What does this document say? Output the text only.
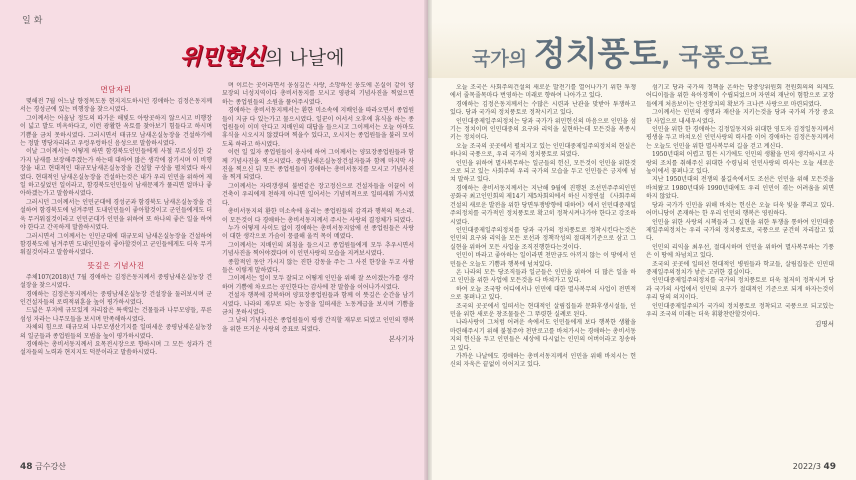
일화
위민헌신의 나날에

면담자리

몇해전 7월 어느날 향정목도동 현지지도하시던 경애하는 김정은동지께서는 경성군에 있는 비행장을 찾으시였다.

그이께서는 어울남 정도의 따가운 해빛도 아랑곳하지 않으시고 비행장이 넓고 발도 비옥하다고, 이런 광활한 옥토를 찾아보기 힘들다고 하시며 기쁨을 금치 못하시였다. 그러시면서 태규모 남새온실농장을 건설하기에는 정말 명당자리라고 우렁우렁하신 음성으로 말씀하시였다.

이날 그이께서는 어떻게 하면 함경북도인민들에게 사철 푸르싱싱한 갖가지 남새를 보장해주겠는가 하는데 대하여 많은 생각에 잠기시며 이 비행장을 내고 현대적인 대규모남새온실농장을 건설할 구상을 펼치였다 하시였다. 현대적인 남새온실농장을 건설하는것은 내가 우리 인민을 위하여 제일 하고싶었던 일이라고, 함경북도인민들이 남새문제가 풀리면 얼마나 좋아하겠는가고 말씀하시였다.

그러시던 그이께서는 인민군대에 경성군과 함경북도 남새온실농장을 건설하여 함경북도에 넘겨주면 도내인민들이 좋아할것이고 군인들에게도 더욱 무커워질것이라고 인민군대가 인민을 위하여 또 하나의 좋은 일을 하여야 한다고 간곡하게 말씀하시였다.

그러시면서 그이께서는 인민군대에 대규모의 남새온실농장을 건설하여 함경북도에 넘겨주면 도내인민들이 좋아할것이고 군인들에게도 더욱 무커워질것이라고 말씀하시였다.

뜻깊은 기념사진

주체107(2018)년 7월 경애하는 김정은동지께서 중평남새온실농장 건설장을 찾으시였다.

경애하는 김정은동지께서는 중평남새온실농장 건설장을 둘러보시며 군인건설자들의 로력적위훈을 높이 평가하시였다.

드넓은 부지에 규모있게 자리잡은 특색있는 건물들과 나무모양들, 푸른섬성 자라는 나무모들을 보시며 만족해하시였다.

자체의 힘으로 태규모의 나무모생산기지를 일떠세운 중평남새온실농장의 일군들과 종업원들의 모범을 높이 평가하시였다.

경애하는 총비서동지께서 요목전시장으로 향하시며 그 모든 성과가 건설자들의 노력과 현지지도 덕분이라고 말씀하시였다.

며 이르는 곳이라면서 웅심깊은 사랑, 소망하신 웅도에 온실이 같이 양묘장의 너성지역이다 총비서동지를 모시고 영광의 기념사진을 찍었으면 하는 종업원들의 소원을 풀어주시였다.

경애하는 총비서동지께서는 환한 미소속에 지배인을 따라오면서 종업원들이 지금 다 있는가고 물으시였다. 일꾼이 어서서 오후에 휴식을 하는 종업원들이 이미 안다고 지배인의 대답을 들으시고 그이께서는 오늘 아마도 휴식을 시오시지 않겠다며 찍을수 있다고, 오시지는 종업원들을 불러 모이도록 하라고 하시였다.

이런 일 있자 종업원들이 웅사에 하여 그이께서는 양묘장종업원들과 함께 기념사진을 찍으시였다. 중평남새온실농장건설자들과 함께 마지막 사진을 찍으신 뒤 모든 종업원들이 경애하는 총비서동지를 모시고 기념사진을 찍게 되였다.

그이께서는 자력갱생의 불변같은 장고정신으로 건설자들을 이끌어 이 건축이 우리에게 천하게 아니면 일어서는 기념비적으로 일떠세워 가시였다.

총비서동지의 환한 미소속에 울리는 종업원들의 감격과 행복의 목소리. 이 모든것이 다 경애하는 총비서동지께서 주시는 사랑의 결정체가 되였다.

누가 어떻게 사이도 없이 경애하는 총비서동지앞에 선 종업원들은 사랑이 대한 생각으로 가슴이 뭉클해 울컥 목이 메였다.

그이께서는 지배인의 외침을 들으시고 종업원들에게 모두 추우시면서 기념사진을 찍어야겠다며 이 인민사랑의 모습을 지켜보시였다.

종합적인 동안 가시지 않는 진한 감동을 주는 그 사진 한장을 두고 사람들은 이렇게 말하였다.

그이께서는 일이 모두 잘되고 어떻게 인민을 위해 잘 쓰이겠는가를 생각하며 기쁨에 차오르는 공인한다는 감사에 찬 말씀을 이어나가시였다.

건설자 행복에 감복하며 양묘장종업원들과 함께 이 뜻깊은 순간을 남기시였다. 나라의 재부로 되는 농장을 일떠세운 노동계급을 보시며 기쁨을 금치 못하시였다.

그 날의 기념사진은 종업원들이 평생 간직할 재부로 되였고 인민의 행복을 위한 뜨거운 사랑의 증표로 되였다.

본사기자

48 금수강산
국가의 정치풍토, 국풍으로

오늘 조국은 사회주의건설의 새로운 발전기를 열어나가기 위한 투쟁에서 줄목줄목마다 번영하는 미래로 향하여 나아가고 있다.

경애하는 김정은동지께서는 수많은 시련과 난관을 맞받아 투쟁하고 있다. 당과 국가의 정치풍토로 정착시키고 있다.

인민대중제일주의정치는 당과 국가가 위민헌신의 마음으로 인민을 섬기는 정치이며 인민대중의 요구와 리익을 실현하는데 모든것을 복종시키는 정치이다.

오늘 조국의 곳곳에서 펼쳐지고 있는 인민대중제일주의정치의 현실은 하나의 국풍으로, 우리 국가의 정치풍토로 되였다.

인민을 위하여 멸사복무하는 일군들의 헌신, 모든것이 인민을 위한것으로 되고 있는 사회주의 우리 국가의 모습을 두고 인민들은 긍지에 넘쳐 말하고 있다.

경애하는 총비서동지께서는 지난해 9월에 진행된 조선민주주의인민공화국 최고인민회의 제14기 제5차회의에서 하신 시정연설 《사회주의건설의 새로운 발전을 위한 당면투쟁방향에 대하여》에서 인민대중제일주의정치를 국가적인 정치풍토로 확고히 정착시켜나가야 한다고 강조하시였다.

인민대중제일주의정치를 당과 국가의 정치풍토로 정착시킨다는것은 인민의 요구와 리익을 모든 로선과 정책작성의 절대적기준으로 삼고 그 실현을 위하여 모든 사업을 조직진행한다는것이다.

인민이 바라고 좋아하는 일이라면 천만금도 아끼지 않는 이 땅에서 인민들은 오늘도 기쁨과 행복에 넘쳐있다.

온 나라의 모든 당조직들과 일군들은 인민을 위하여 더 많은 일을 하고 인민을 위한 사업에 모든것을 다 바쳐가고 있다.

하여 오늘 조국땅 어디에서나 인민에 대한 멸사복무의 사업이 전면적으로 꽃펴나고 있다.

조국의 곳곳에서 일떠서는 현대적인 살림집들과 문화후생시설들, 인민을 위한 새로운 창조물들은 그 뚜렷한 실례로 된다.

나라사랑이 그처럼 어려운 속에서도 인민들에게 보다 행복한 생활을 마련해주시기 위해 불철주야 천만로고를 바쳐가시는 경애하는 총비서동지의 헌신을 두고 인민들은 세상에 다시없는 인민의 어버이라고 칭송하고 있다.

가까운 나날에도 경애하는 총비서동지께서 인민을 위해 바치시는 헌신의 자욱은 끝없이 이어지고 있다.

섬기고 당과 국가의 정책을 온하는 당중앙위원회 전원회의의 의제도 어디이들을 위한 육아정책이 수립되었으며 자연의 재난이 험함으로 교장들에게 처음보이는 안전장치의 확보가 크나큰 사랑으로 마련되였다.

그이께서는 인민의 생명과 재산을 지키는것을 당과 국가의 가장 중요한 사업으로 내세우시였다.

인민을 위한 한 경애하는 김정일동지와 위대한 영도자 김정일동지께서 평생을 두고 바쳐오신 인민사랑의 력사를 이어 경애하는 김정은동지께서는 오늘도 인민을 위한 멸사복무의 길을 걷고 계신다.

1950년대의 어렵고 힘든 시기에도 인민의 생활을 먼저 생각하시고 사랑의 조치를 취해주신 위대한 수령님의 인민사랑의 력사는 오늘 새로운 높이에서 꽃펴나고 있다.

지난 1950년대의 전쟁의 불길속에서도 조선은 인민을 위해 모든것을 바쳐왔고 1980년대와 1990년대에도 우리 인민이 겪는 어려움을 외면하지 않았다.

당과 국가가 인민을 위해 바치는 헌신은 오늘 더욱 빛을 뿌리고 있다. 어머니당이 존재하는 한 우리 인민의 행복은 영원하다.

인민을 위한 사랑의 시책들과 그 실현을 위한 투쟁을 통하여 인민대중제일주의정치는 우리 국가의 정치풍토로, 국풍으로 굳건히 자리잡고 있다.

인민의 리익을 최우선, 절대시하며 인민을 위하여 멸사복무하는 기풍은 이 땅에 차넘치고 있다.

조국의 곳곳에 일떠선 현대적인 병원들과 학교들, 살림집들은 인민대중제일주의정치가 낳은 고귀한 결실이다.

인민대중제일주의정치를 국가의 정치풍토로 더욱 철저히 정착시켜 당과 국가의 사업에서 인민의 요구가 절대적인 기준으로 되게 하자는것이 우리 당의 의지이다.

인민대중제일주의가 국가의 정치풍토로 정착되고 국풍으로 되고있는 우리 조국의 미래는 더욱 휘황찬란할것이다.

김명서

2022/3 49
